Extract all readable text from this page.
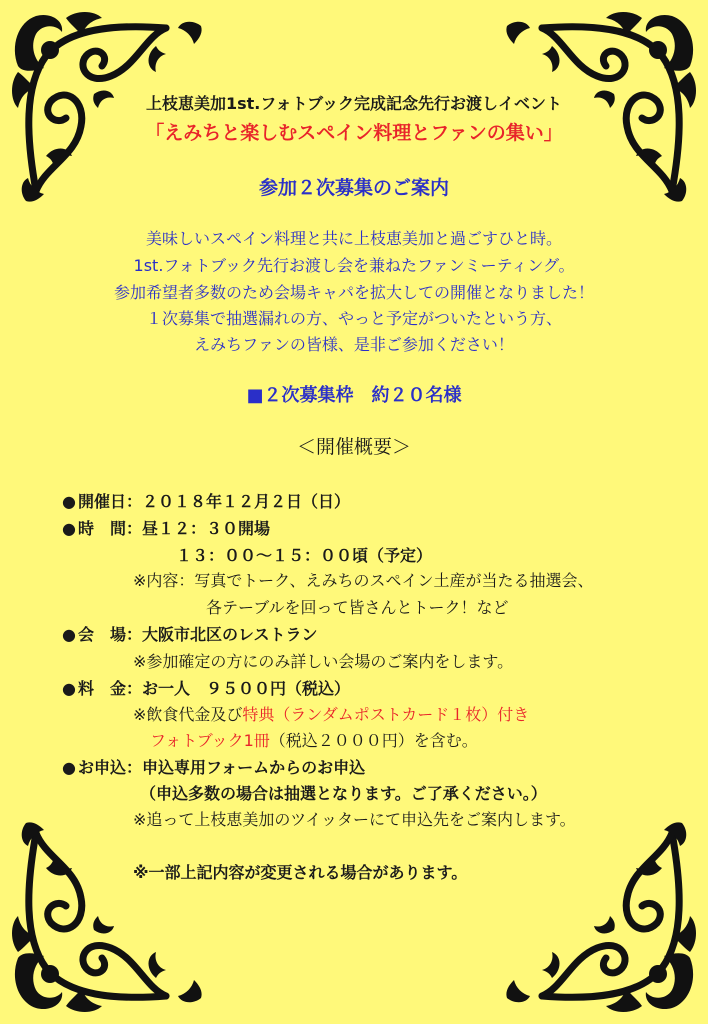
上枝恵美加1st.フォトブック完成記念先行お渡しイベント
「えみちと楽しむスペイン料理とファンの集い」
参加２次募集のご案内
美味しいスペイン料理と共に上枝恵美加と過ごすひと時。
1st.フォトブック先行お渡し会を兼ねたファンミーティング。
参加希望者多数のため会場キャパを拡大しての開催となりました！
１次募集で抽選漏れの方、やっと予定がついたという方、
えみちファンの皆様、是非ご参加ください！
■２次募集枠　約２０名様
＜開催概要＞
● 開催日：２０１８年１２月２日（日）
● 時　間：昼１２：３０開場
１３：００〜１５：００頃（予定）
※内容：写真でトーク、えみちのスペイン土産が当たる抽選会、
各テーブルを回って皆さんとトーク！など
● 会　場：大阪市北区のレストラン
※参加確定の方にのみ詳しい会場のご案内をします。
● 料　金：お一人　９５００円（税込）
※飲食代金及び特典（ランダムポストカード１枚）付き
フォトブック1冊（税込２０００円）を含む。
● お申込：申込専用フォームからのお申込
（申込多数の場合は抽選となります。ご了承ください。）
※追って上枝恵美加のツイッターにて申込先をご案内します。
※一部上記内容が変更される場合があります。
